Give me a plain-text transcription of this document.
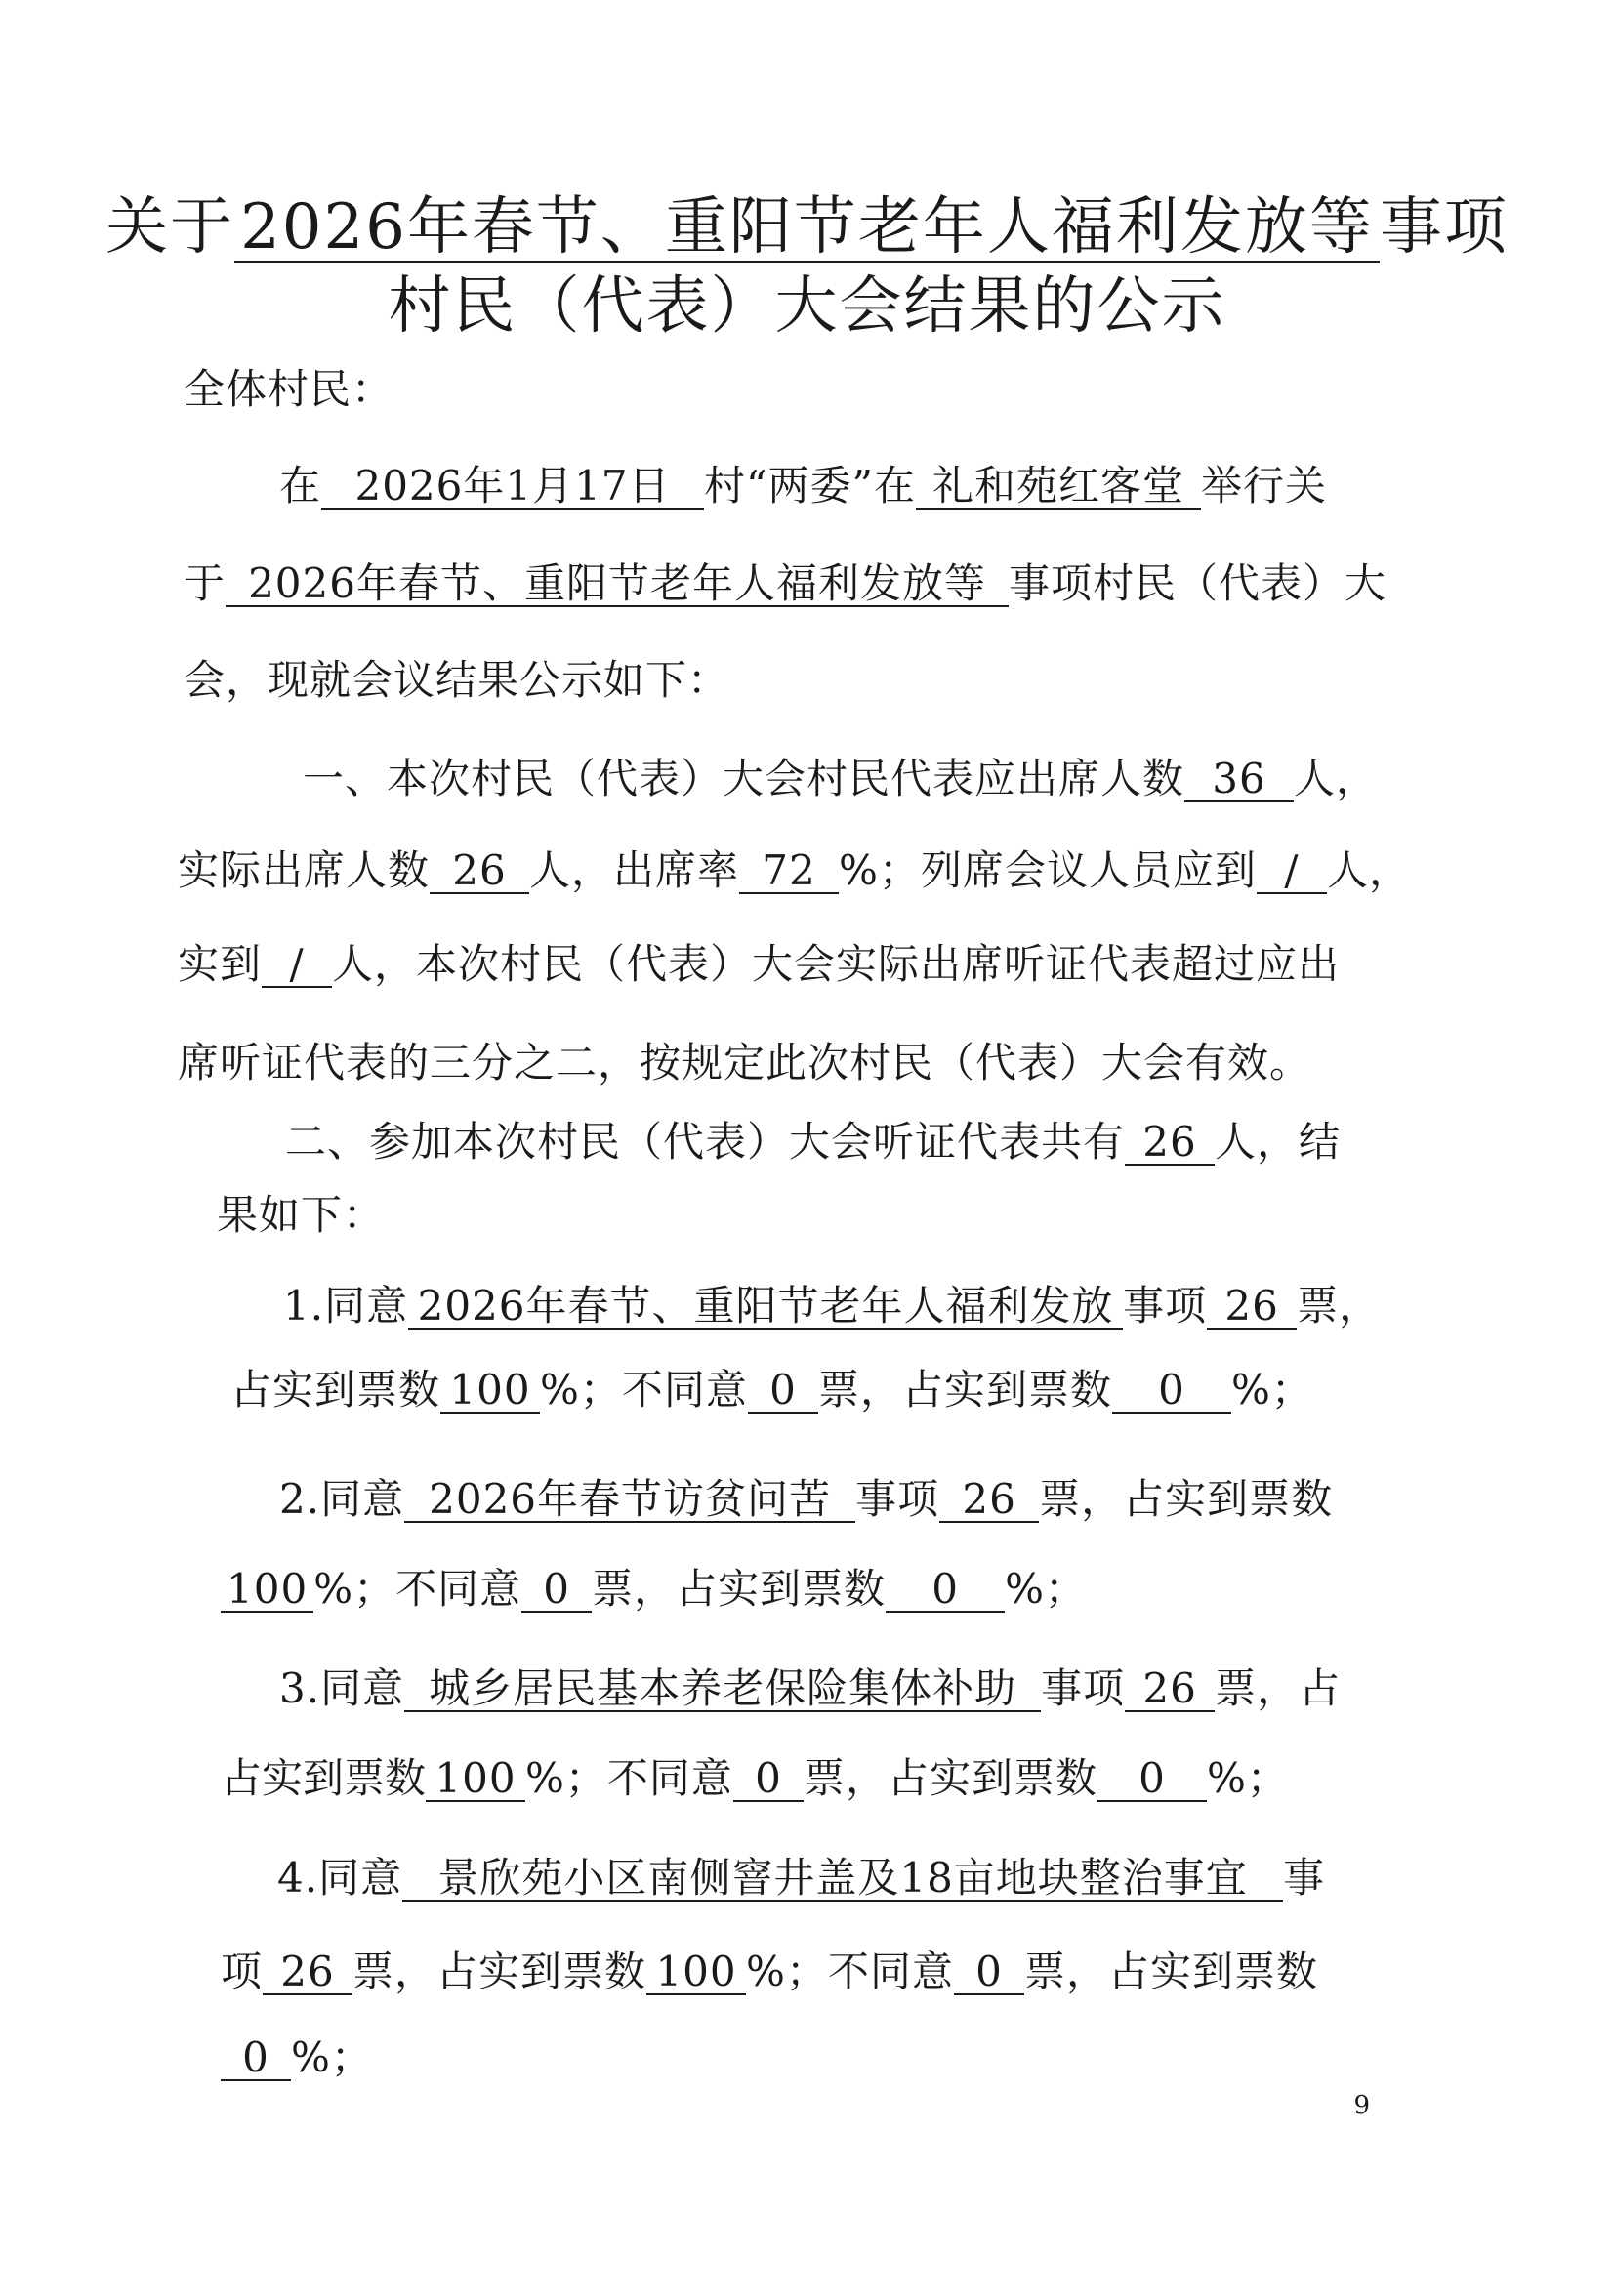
关于2026年春节、重阳节老年人福利发放等事项
村民（代表）大会结果的公示
全体村民：
在 2026年1月17日 村“两委”在 礼和苑红客堂 举行关
于 2026年春节、重阳节老年人福利发放等 事项村民（代表）大
会，现就会议结果公示如下：
一、本次村民（代表）大会村民代表应出席人数 36 人，
实际出席人数 26 人，出席率 72 %；列席会议人员应到 / 人，
实到 / 人，本次村民（代表）大会实际出席听证代表超过应出
席听证代表的三分之二，按规定此次村民（代表）大会有效。
二、参加本次村民（代表）大会听证代表共有 26 人，结
果如下：
1.同意 2026年春节、重阳节老年人福利发放 事项 26 票，
占实到票数 100 %；不同意 0 票，占实到票数 0 %；
2.同意 2026年春节访贫问苦 事项 26 票，占实到票数
100 %；不同意 0 票，占实到票数 0 %；
3.同意 城乡居民基本养老保险集体补助 事项 26 票，占
占实到票数 100 %；不同意 0 票，占实到票数 0 %；
4.同意 景欣苑小区南侧窨井盖及18亩地块整治事宜 事
项 26 票，占实到票数 100 %；不同意 0 票，占实到票数
0 %；
9
